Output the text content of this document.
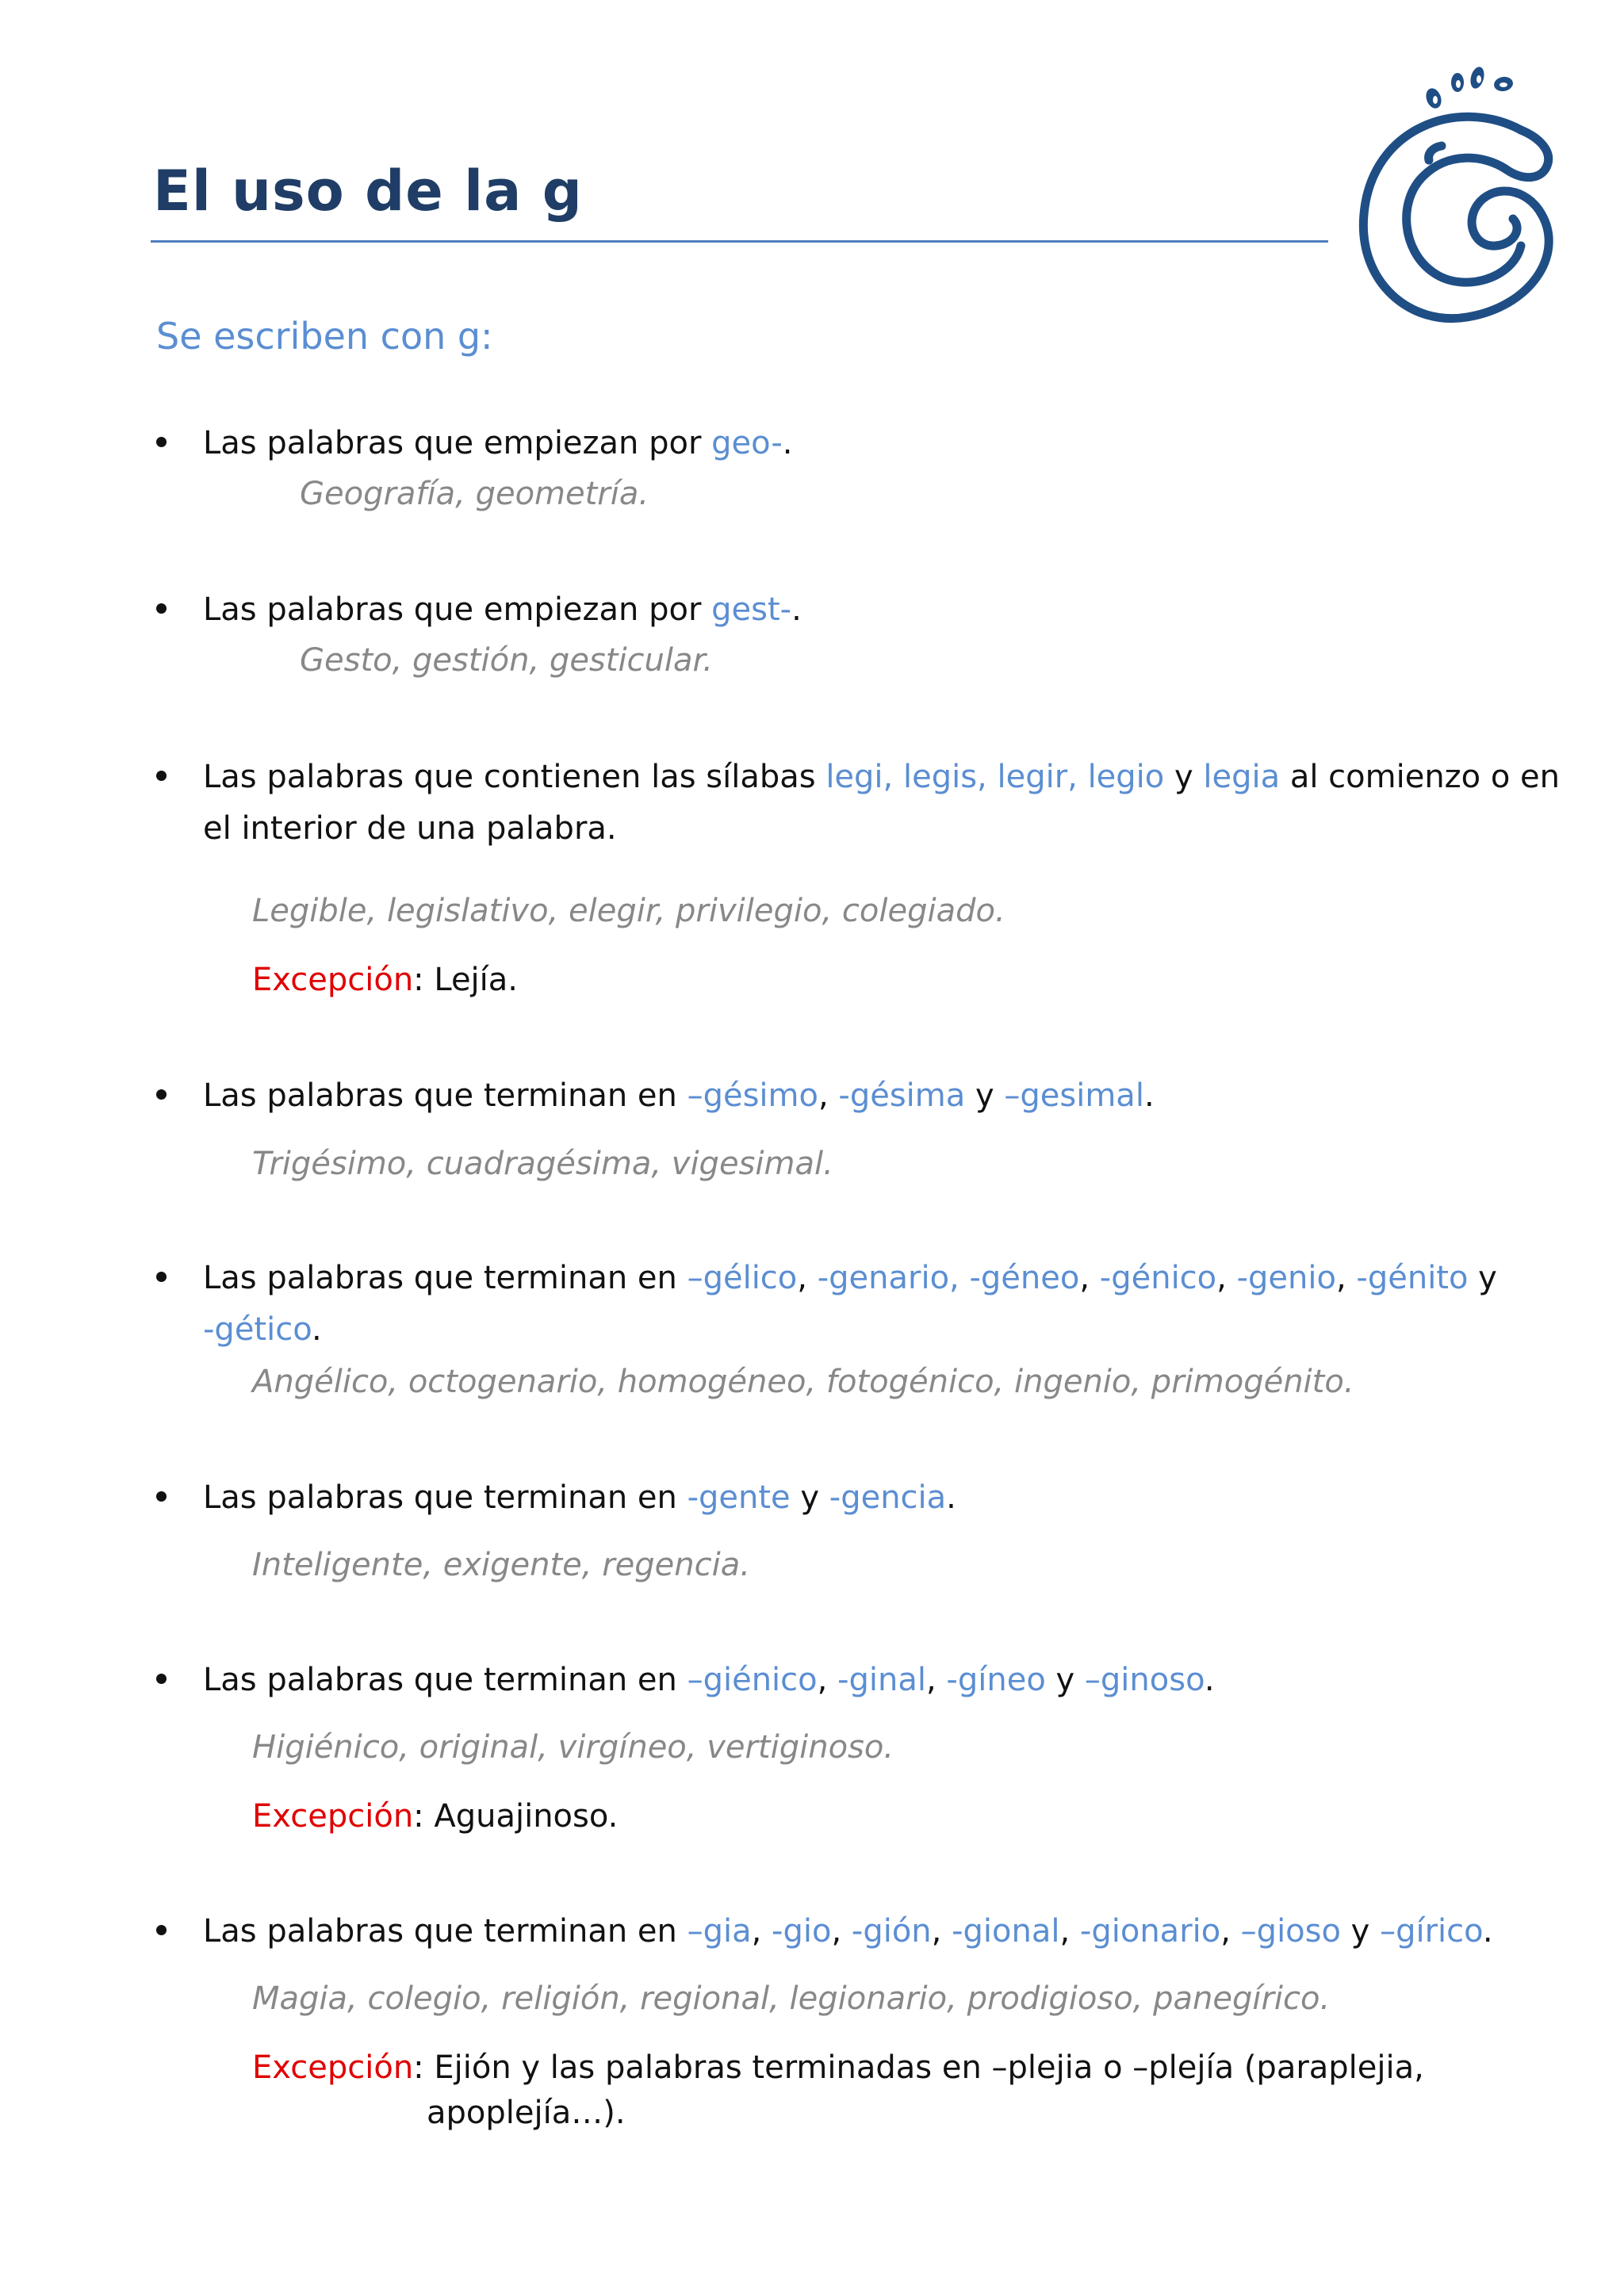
El uso de la g
Se escriben con g:
Las palabras que empiezan por geo-.
Geografía, geometría.
Las palabras que empiezan por gest-.
Gesto, gestión, gesticular.
Las palabras que contienen las sílabas legi, legis, legir, legio y legia al comienzo o en
el interior de una palabra.
Legible, legislativo, elegir, privilegio, colegiado.
Excepción: Lejía.
Las palabras que terminan en –gésimo, -gésima y –gesimal.
Trigésimo, cuadragésima, vigesimal.
Las palabras que terminan en –gélico, -genario, -géneo, -génico, -genio, -génito y
-gético.
Angélico, octogenario, homogéneo, fotogénico, ingenio, primogénito.
Las palabras que terminan en -gente y -gencia.
Inteligente, exigente, regencia.
Las palabras que terminan en –giénico, -ginal, -gíneo y –ginoso.
Higiénico, original, virgíneo, vertiginoso.
Excepción: Aguajinoso.
Las palabras que terminan en –gia, -gio, -gión, -gional, -gionario, –gioso y –gírico.
Magia, colegio, religión, regional, legionario, prodigioso, panegírico.
Excepción: Ejión y las palabras terminadas en –plejia o –plejía (paraplejia,
apoplejía…).
